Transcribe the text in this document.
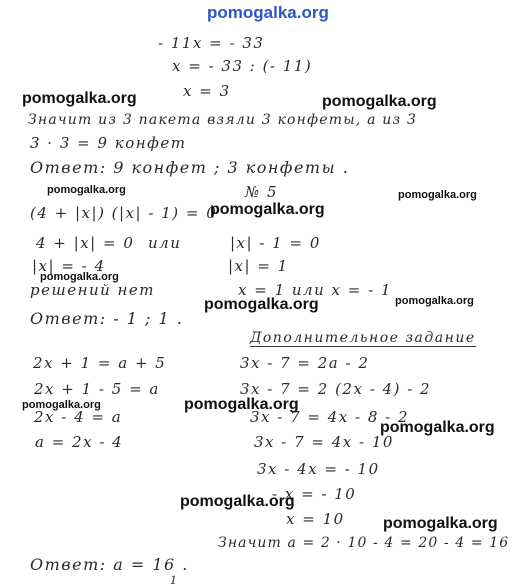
- 11x = - 33
x = - 33 : (- 11)
x = 3
Значит из 3 пакета взяли 3 конфеты, а из 3
3 · 3 = 9 конфет
Ответ: 9 конфет ; 3 конфеты .
№ 5
(4 + |x|) (|x| - 1) = 0
4 + |x| = 0 или	|x| - 1 = 0
|x| = - 4	|x| = 1
решений нет	x = 1 или x = - 1
Ответ: - 1 ; 1 .
Дополнительное задание
2x + 1 = a + 5	3x - 7 = 2a - 2
2x + 1 - 5 = a	3x - 7 = 2 (2x - 4) - 2
2x - 4 = a	3x - 7 = 4x - 8 - 2
a = 2x - 4	3x - 7 = 4x - 10
3x - 4x = - 10
- x = - 10
x = 10
Значит a = 2 · 10 - 4 = 20 - 4 = 16
Ответ: a = 16 .
1
pomogalka.org
pomogalka.org	pomogalka.org
pomogalka.org	pomogalka.org
pomogalka.org
pomogalka.org
pomogalka.org
pomogalka.org
pomogalka.org	pomogalka.org
pomogalka.org
pomogalka.org
pomogalka.org
